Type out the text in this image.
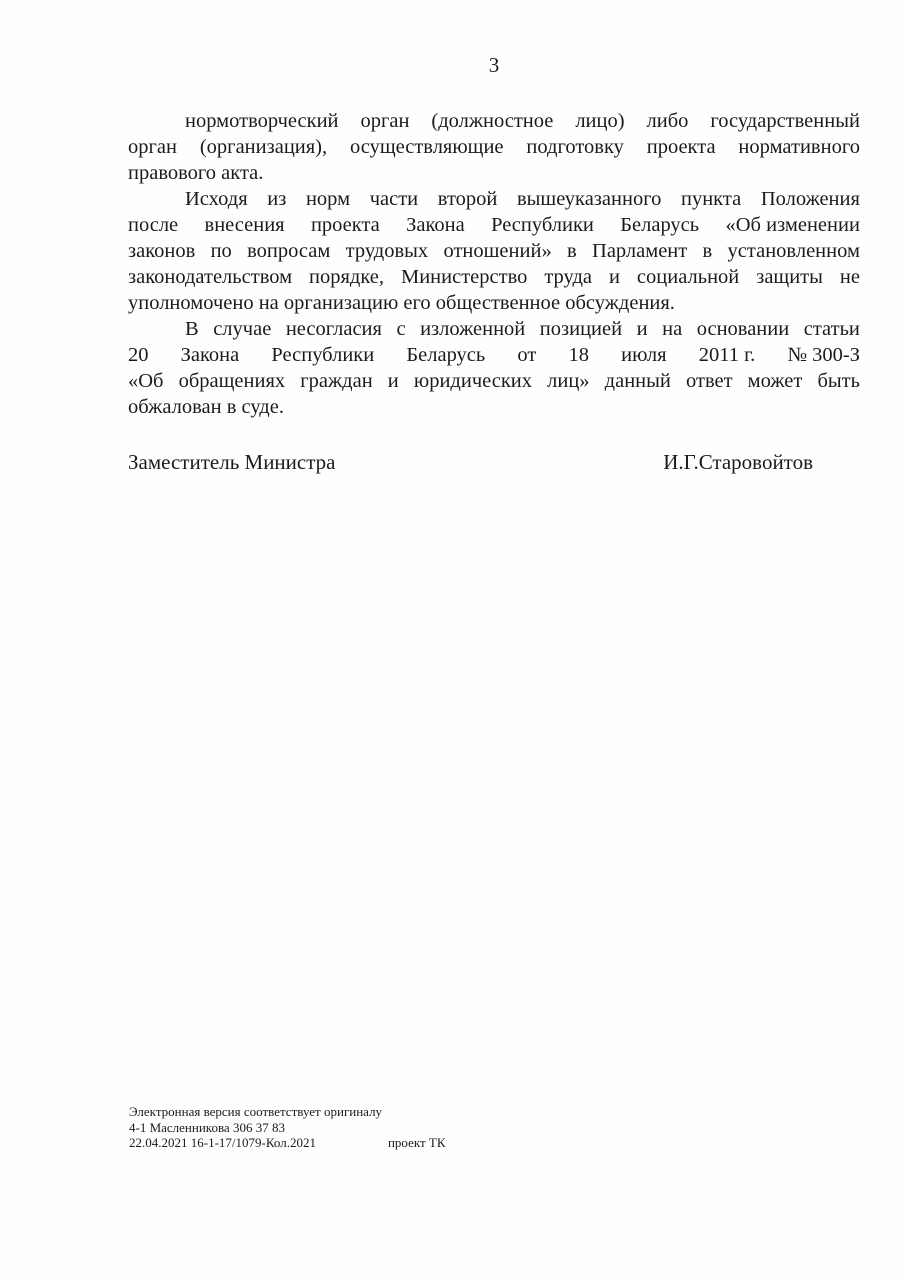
3
нормотворческий орган (должностное лицо) либо государственный
орган (организация), осуществляющие подготовку проекта нормативного
правового акта.
Исходя из норм части второй вышеуказанного пункта Положения
после внесения проекта Закона Республики Беларусь «Об изменении
законов по вопросам трудовых отношений» в Парламент в установленном
законодательством порядке, Министерство труда и социальной защиты не
уполномочено на организацию его общественное обсуждения.
В случае несогласия с изложенной позицией и на основании статьи
20 Закона Республики Беларусь от 18 июля 2011 г. № 300-З
«Об обращениях граждан и юридических лиц» данный ответ может быть
обжалован в суде.
Заместитель Министра	И.Г.Старовойтов
Электронная версия соответствует оригиналу
4-1 Масленникова 306 37 83
22.04.2021 16-1-17/1079-Кол.2021	проект ТК
